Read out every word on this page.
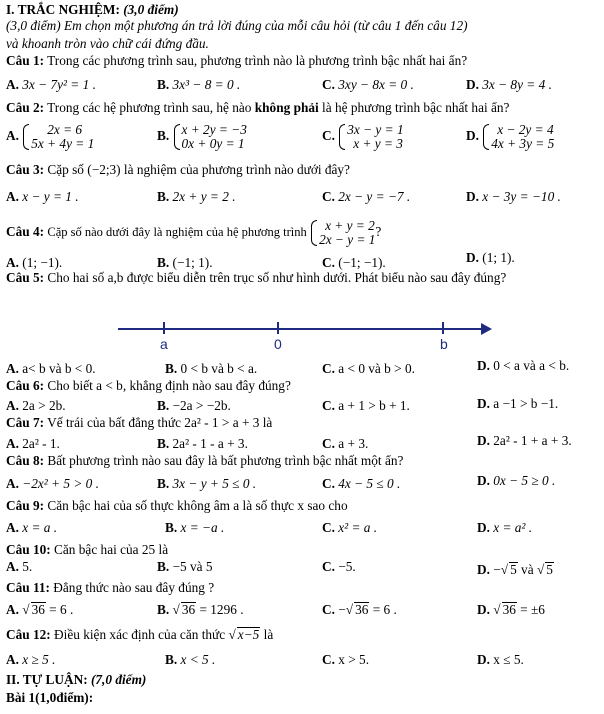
I. TRẮC NGHIỆM: (3,0 điểm)
(3,0 điểm) Em chọn một phương án trả lời đúng của mỗi câu hỏi (từ câu 1 đến câu 12)
và khoanh tròn vào chữ cái đứng đầu.
Câu 1: Trong các phương trình sau, phương trình nào là phương trình bậc nhất hai ẩn?
A. 3x − 7y² = 1 .	B. 3x³ − 8 = 0 .	C. 3xy − 8x = 0 .	D. 3x − 8y = 4 .
Câu 2: Trong các hệ phương trình sau, hệ nào không phải là hệ phương trình bậc nhất hai ẩn?
A.	2x = 6
5x + 4y = 1
B. x + 2y = −3
0x + 0y = 1
C. 3x − y = 1
x + y = 3
D.	x − 2y = 4
4x + 3y = 5
Câu 3: Cặp số (−2;3) là nghiệm của phương trình nào dưới đây?
A. x − y = 1 .	B. 2x + y = 2 .	C. 2x − y = −7 .	D. x − 3y = −10 .
Câu 4: Cặp số nào dưới đây là nghiệm của hệ phương trình	x + y = 2
2x − y = 1
?
A. (1; −1).	B. (−1; 1).	C. (−1; −1).	D. (1; 1).
Câu 5: Cho hai số a,b được biểu diễn trên trục số như hình dưới. Phát biểu nào sau đây đúng?
a	0	b
A. a< b và b < 0.	B. 0 < b và b < a.	C. a < 0 và b > 0.	D. 0 < a và a < b.
Câu 6: Cho biết a < b, khẳng định nào sau đây đúng?
A. 2a > 2b.	B. −2a > −2b.	C. a + 1 > b + 1.	D. a −1 > b −1.
Câu 7: Vế trái của bất đẳng thức 2a² - 1 > a + 3 là
A. 2a² - 1.	B. 2a² - 1 - a + 3.	C. a + 3.	D. 2a² - 1 + a + 3.
Câu 8: Bất phương trình nào sau đây là bất phương trình bậc nhất một ẩn?
A. −2x² + 5 > 0 .	B. 3x − y + 5 ≤ 0 .	C. 4x − 5 ≤ 0 .	D. 0x − 5 ≥ 0 .
Câu 9: Căn bậc hai của số thực không âm a là số thực x sao cho
A. x = a .	B. x = −a .	C. x² = a .	D. x = a² .
Câu 10: Căn bậc hai của 25 là
A. 5.	B. −5 và 5	C. −5.	D. −√ 5 và √ 5
Câu 11: Đẳng thức nào sau đây đúng ?
A. √ 36 = 6 .	B. √ 36 = 1296 .	C. −√ 36 = 6 .	D. √ 36 = ±6
Câu 12: Điều kiện xác định của căn thức √ x−5 là
A. x ≥ 5 .	B. x < 5 .	C. x > 5.	D. x ≤ 5.
II. TỰ LUẬN: (7,0 điểm)
Bài 1(1,0điểm):
